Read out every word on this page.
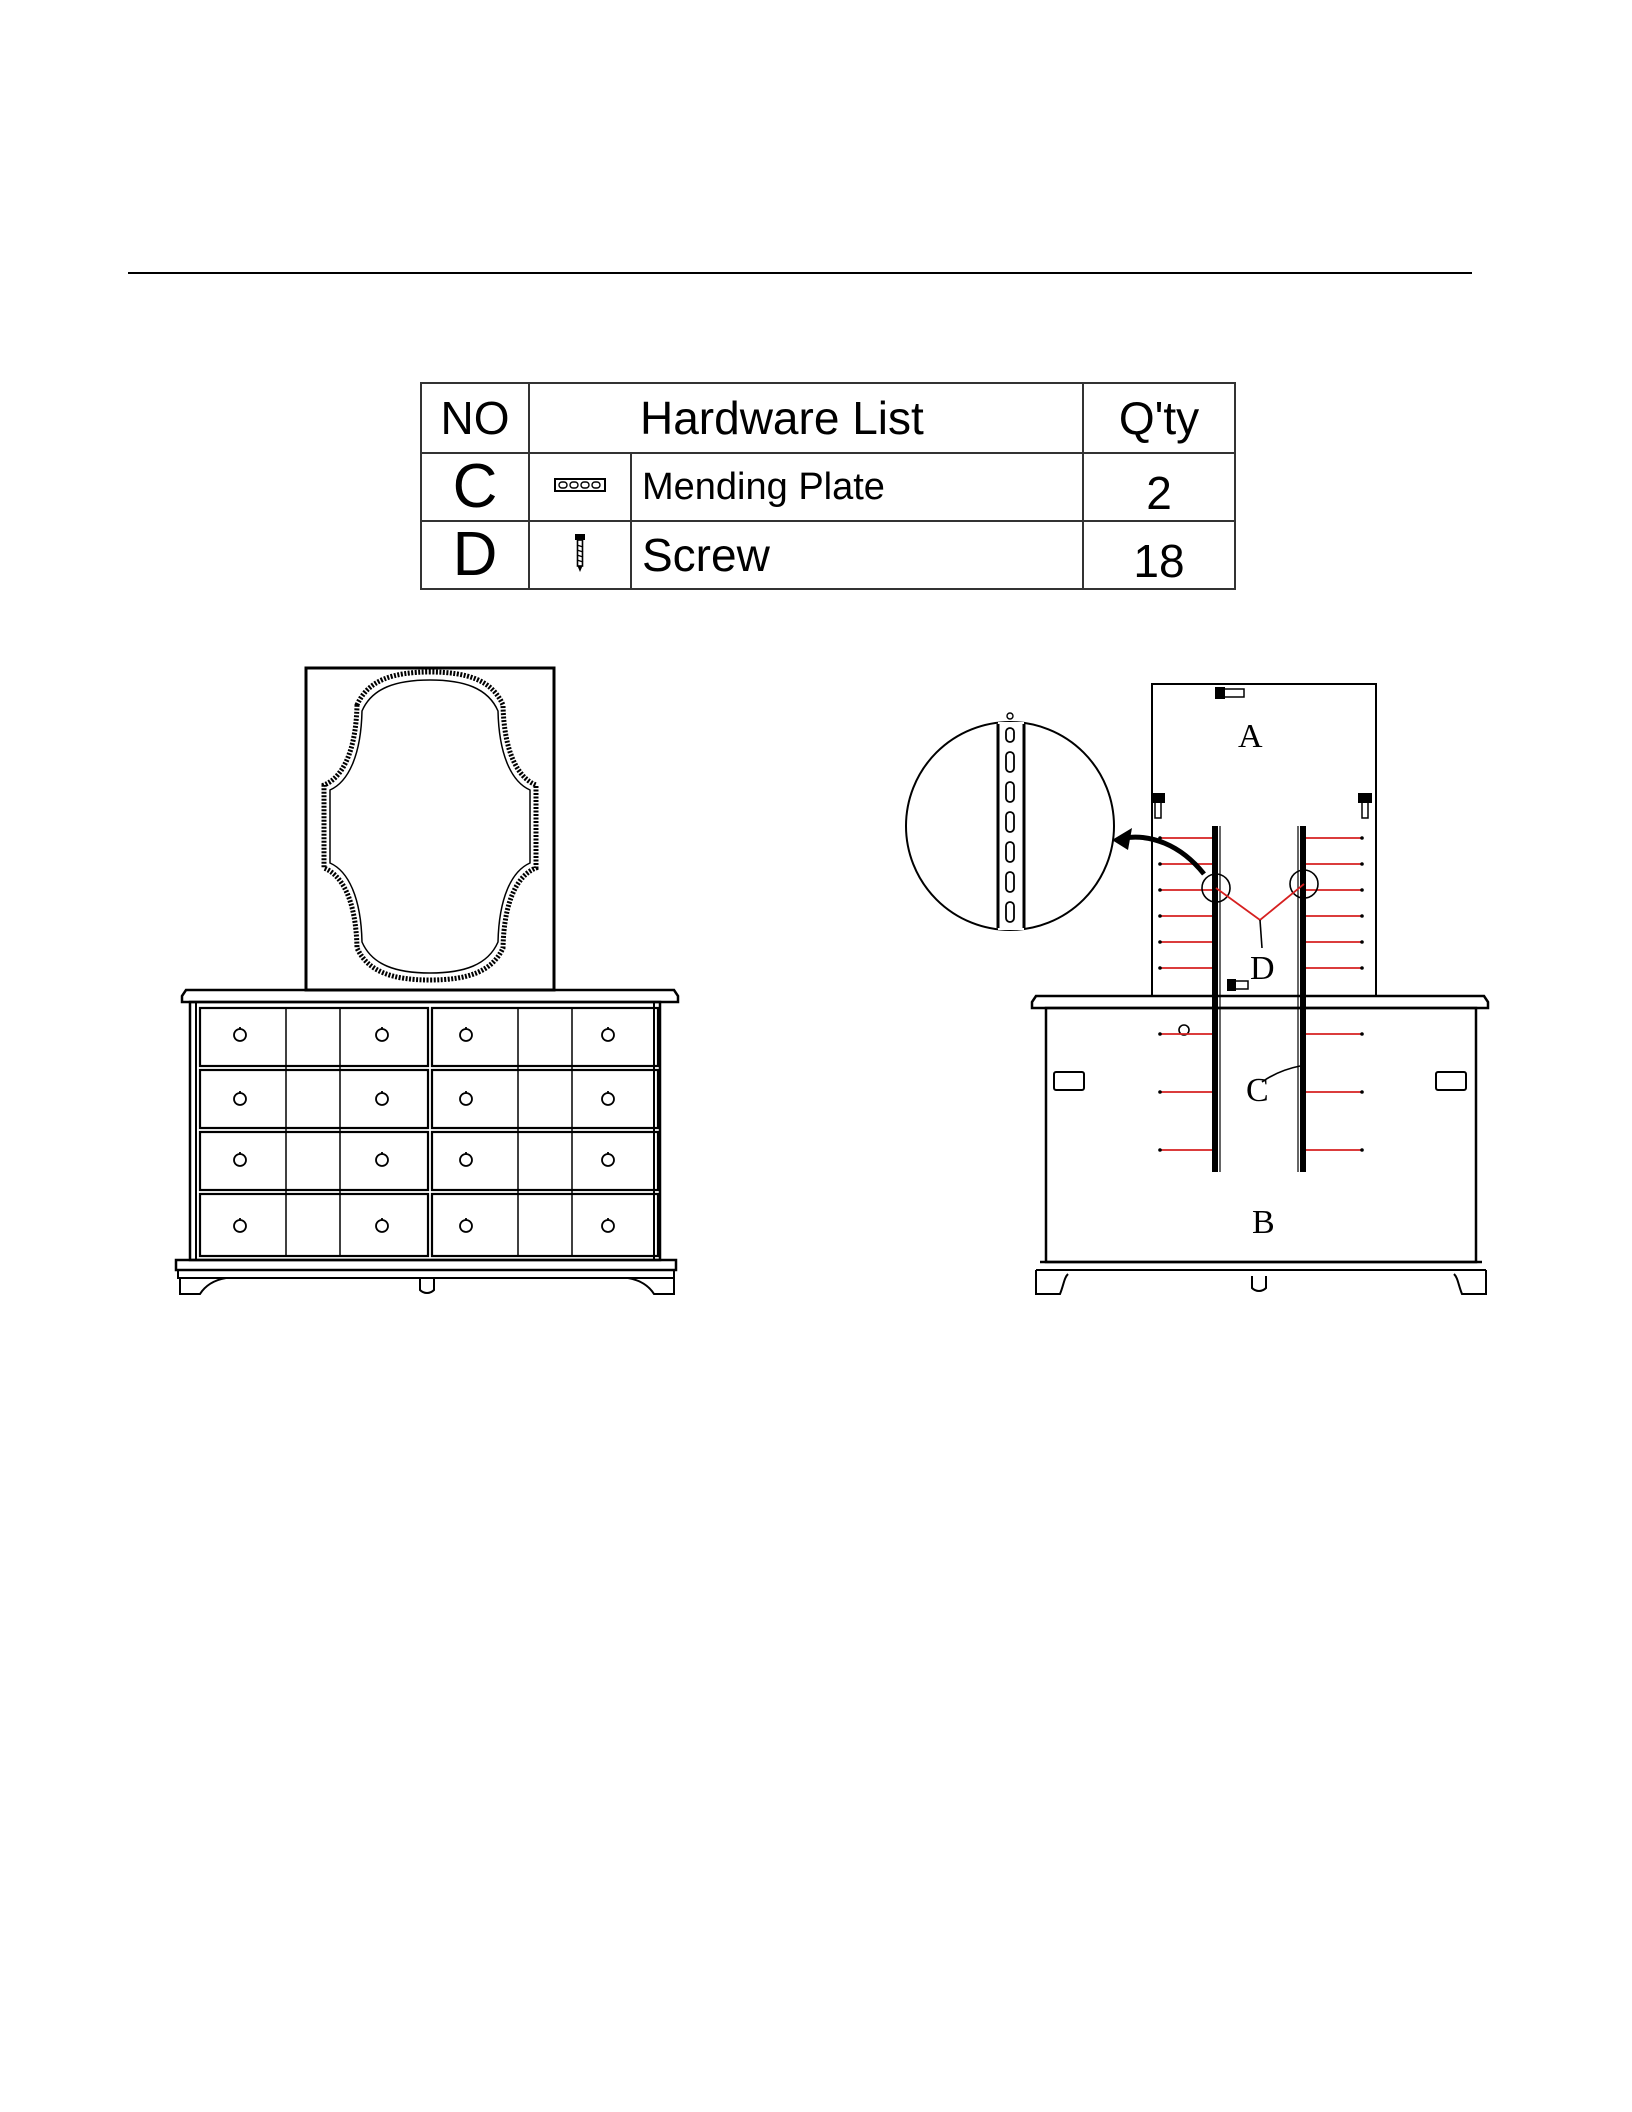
NO	Hardware List		Q'ty
C		Mending Plate	2
D		Screw	18
A
D
C
B
